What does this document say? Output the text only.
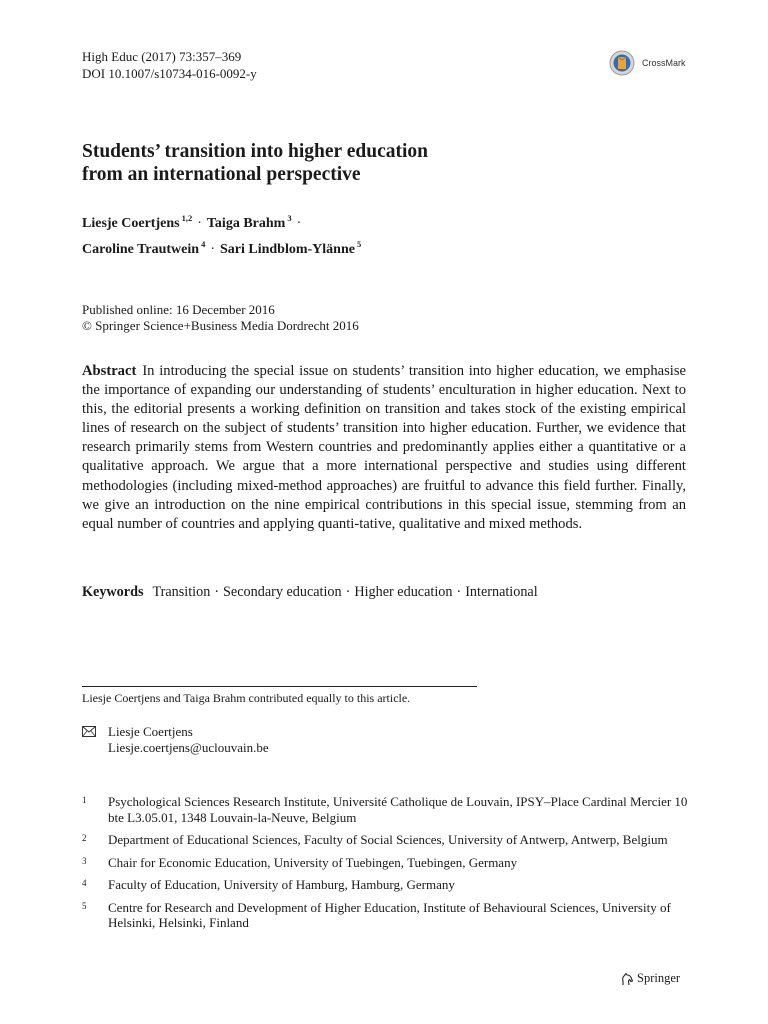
High Educ (2017) 73:357–369
DOI 10.1007/s10734-016-0092-y
CrossMark
Students’ transition into higher education
from an international perspective
Liesje Coertjens $^{1,2}$ · Taiga Brahm $^3$ ·
Caroline Trautwein $^4$ · Sari Lindblom-Ylänne $^5$
Published online: 16 December 2016
© Springer Science+Business Media Dordrecht 2016
Abstract In introducing the special issue on students’ transition into higher education, we emphasise the importance of expanding our understanding of students’ enculturation in higher education. Next to this, the editorial presents a working definition on transition and takes stock of the existing empirical lines of research on the subject of students’ transition into higher education. Further, we evidence that research primarily stems from Western countries and predominantly applies either a quantitative or a qualitative approach. We argue that a more international perspective and studies using different methodologies (including mixed-method approaches) are fruitful to advance this field further. Finally, we give an introduction on the nine empirical contributions in this special issue, stemming from an equal number of countries and applying quanti-tative, qualitative and mixed methods.
Keywords Transition · Secondary education · Higher education · International
Liesje Coertjens and Taiga Brahm contributed equally to this article.
Liesje Coertjens
Liesje.coertjens@uclouvain.be
1	Psychological Sciences Research Institute, Université Catholique de Louvain, IPSY–Place Cardinal Mercier 10 bte L3.05.01, 1348 Louvain-la-Neuve, Belgium
2	Department of Educational Sciences, Faculty of Social Sciences, University of Antwerp, Antwerp, Belgium
3	Chair for Economic Education, University of Tuebingen, Tuebingen, Germany
4	Faculty of Education, University of Hamburg, Hamburg, Germany
5	Centre for Research and Development of Higher Education, Institute of Behavioural Sciences, University of Helsinki, Helsinki, Finland
Springer
